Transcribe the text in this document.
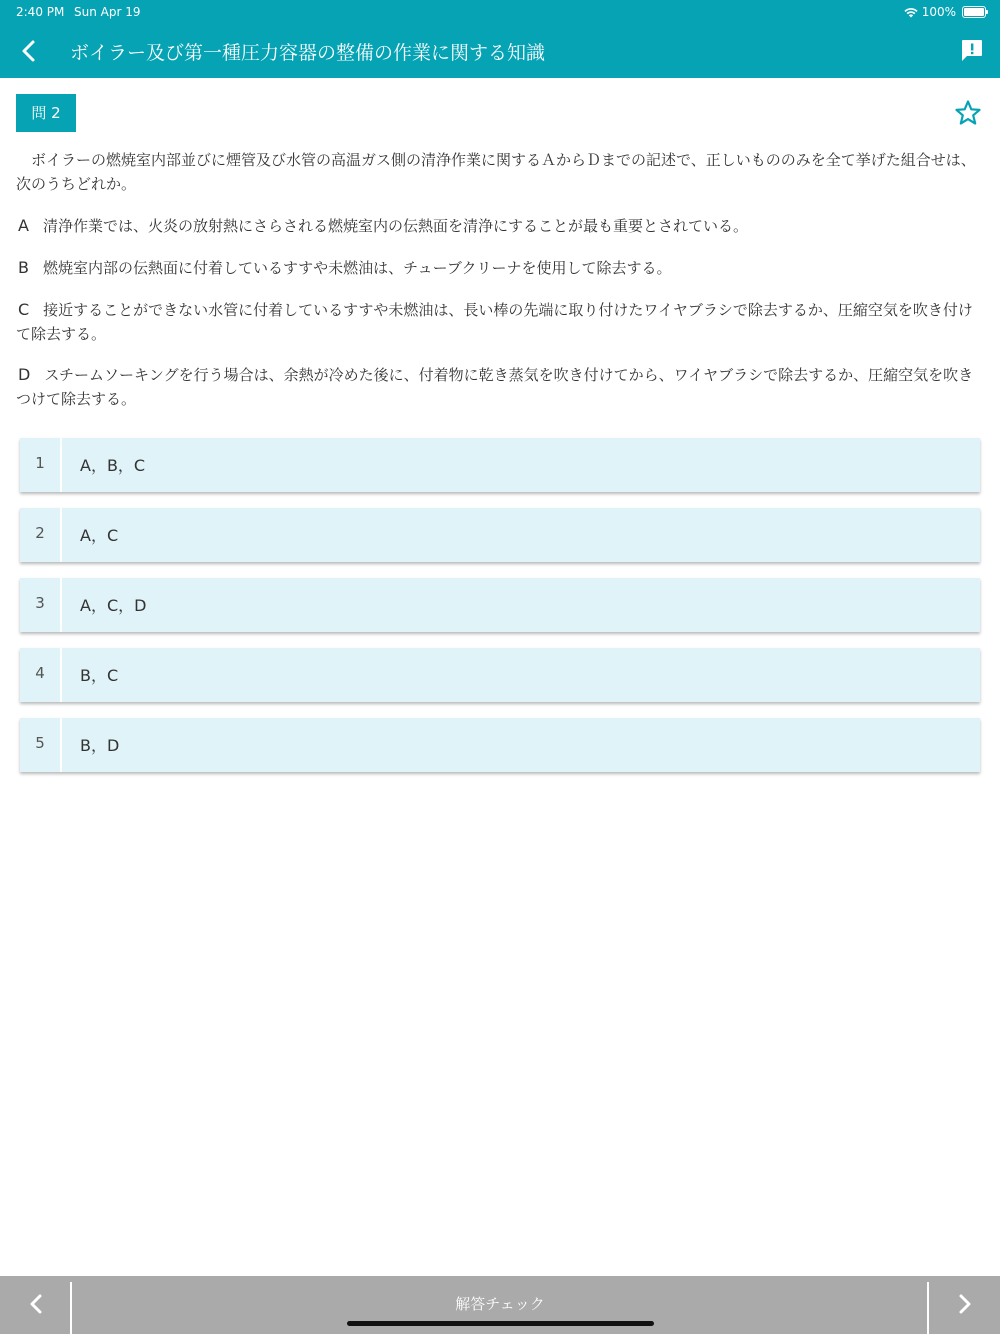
2:40 PM Sun Apr 19	100%
ボイラー及び第一種圧力容器の整備の作業に関する知識
問 2
ボイラーの燃焼室内部並びに煙管及び水管の高温ガス側の清浄作業に関するＡからＤまでの記述で、正しいもののみを全て挙げた組合せは、次のうちどれか。
A 清浄作業では、火炎の放射熱にさらされる燃焼室内の伝熱面を清浄にすることが最も重要とされている。
B 燃焼室内部の伝熱面に付着しているすすや未燃油は、チューブクリーナを使用して除去する。
C 接近することができない水管に付着しているすすや未燃油は、長い棒の先端に取り付けたワイヤブラシで除去するか、圧縮空気を吹き付けて除去する。
D スチームソーキングを行う場合は、余熱が冷めた後に、付着物に乾き蒸気を吹き付けてから、ワイヤブラシで除去するか、圧縮空気を吹きつけて除去する。
1	A，B，C
2	A，C
3	A，C，D
4	B，C
5	B，D
解答チェック
